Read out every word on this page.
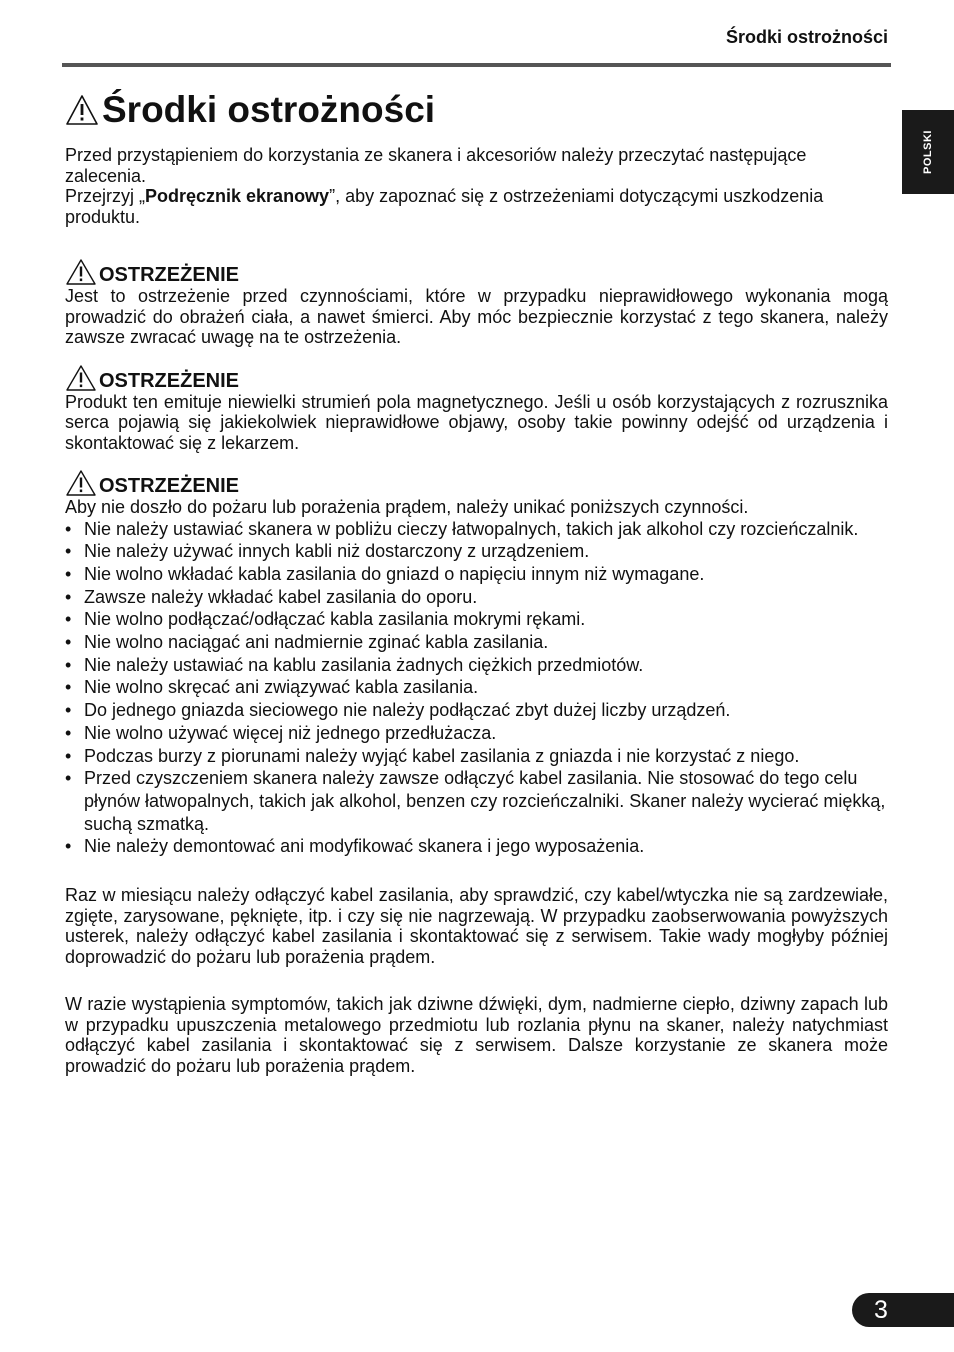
Środki ostrożności
POLSKI
Środki ostrożności

Przed przystąpieniem do korzystania ze skanera i akcesoriów należy przeczytać następujące zalecenia.

Przejrzyj „Podręcznik ekranowy”, aby zapoznać się z ostrzeżeniami dotyczącymi uszkodzenia produktu.

OSTRZEŻENIE

Jest to ostrzeżenie przed czynnościami, które w przypadku nieprawidłowego wykonania mogą prowadzić do obrażeń ciała, a nawet śmierci. Aby móc bezpiecznie korzystać z tego skanera, należy zawsze zwracać uwagę na te ostrzeżenia.

OSTRZEŻENIE

Produkt ten emituje niewielki strumień pola magnetycznego. Jeśli u osób korzystających z rozrusznika serca pojawią się jakiekolwiek nieprawidłowe objawy, osoby takie powinny odejść od urządzenia i skontaktować się z lekarzem.

OSTRZEŻENIE

Aby nie doszło do pożaru lub porażenia prądem, należy unikać poniższych czynności.

• Nie należy ustawiać skanera w pobliżu cieczy łatwopalnych, takich jak alkohol czy rozcieńczalnik.
• Nie należy używać innych kabli niż dostarczony z urządzeniem.
• Nie wolno wkładać kabla zasilania do gniazd o napięciu innym niż wymagane.
• Zawsze należy wkładać kabel zasilania do oporu.
• Nie wolno podłączać/odłączać kabla zasilania mokrymi rękami.
• Nie wolno naciągać ani nadmiernie zginać kabla zasilania.
• Nie należy ustawiać na kablu zasilania żadnych ciężkich przedmiotów.
• Nie wolno skręcać ani związywać kabla zasilania.
• Do jednego gniazda sieciowego nie należy podłączać zbyt dużej liczby urządzeń.
• Nie wolno używać więcej niż jednego przedłużacza.
• Podczas burzy z piorunami należy wyjąć kabel zasilania z gniazda i nie korzystać z niego.
• Przed czyszczeniem skanera należy zawsze odłączyć kabel zasilania. Nie stosować do tego celu płynów łatwopalnych, takich jak alkohol, benzen czy rozcieńczalniki. Skaner należy wycierać miękką, suchą szmatką.
• Nie należy demontować ani modyfikować skanera i jego wyposażenia.

Raz w miesiącu należy odłączyć kabel zasilania, aby sprawdzić, czy kabel/wtyczka nie są zardzewiałe, zgięte, zarysowane, pęknięte, itp. i czy się nie nagrzewają. W przypadku zaobserwowania powyższych usterek, należy odłączyć kabel zasilania i skontaktować się z serwisem. Takie wady mogłyby później doprowadzić do pożaru lub porażenia prądem.

W razie wystąpienia symptomów, takich jak dziwne dźwięki, dym, nadmierne ciepło, dziwny zapach lub w przypadku upuszczenia metalowego przedmiotu lub rozlania płynu na skaner, należy natychmiast odłączyć kabel zasilania i skontaktować się z serwisem. Dalsze korzystanie ze skanera może prowadzić do pożaru lub porażenia prądem.

3
